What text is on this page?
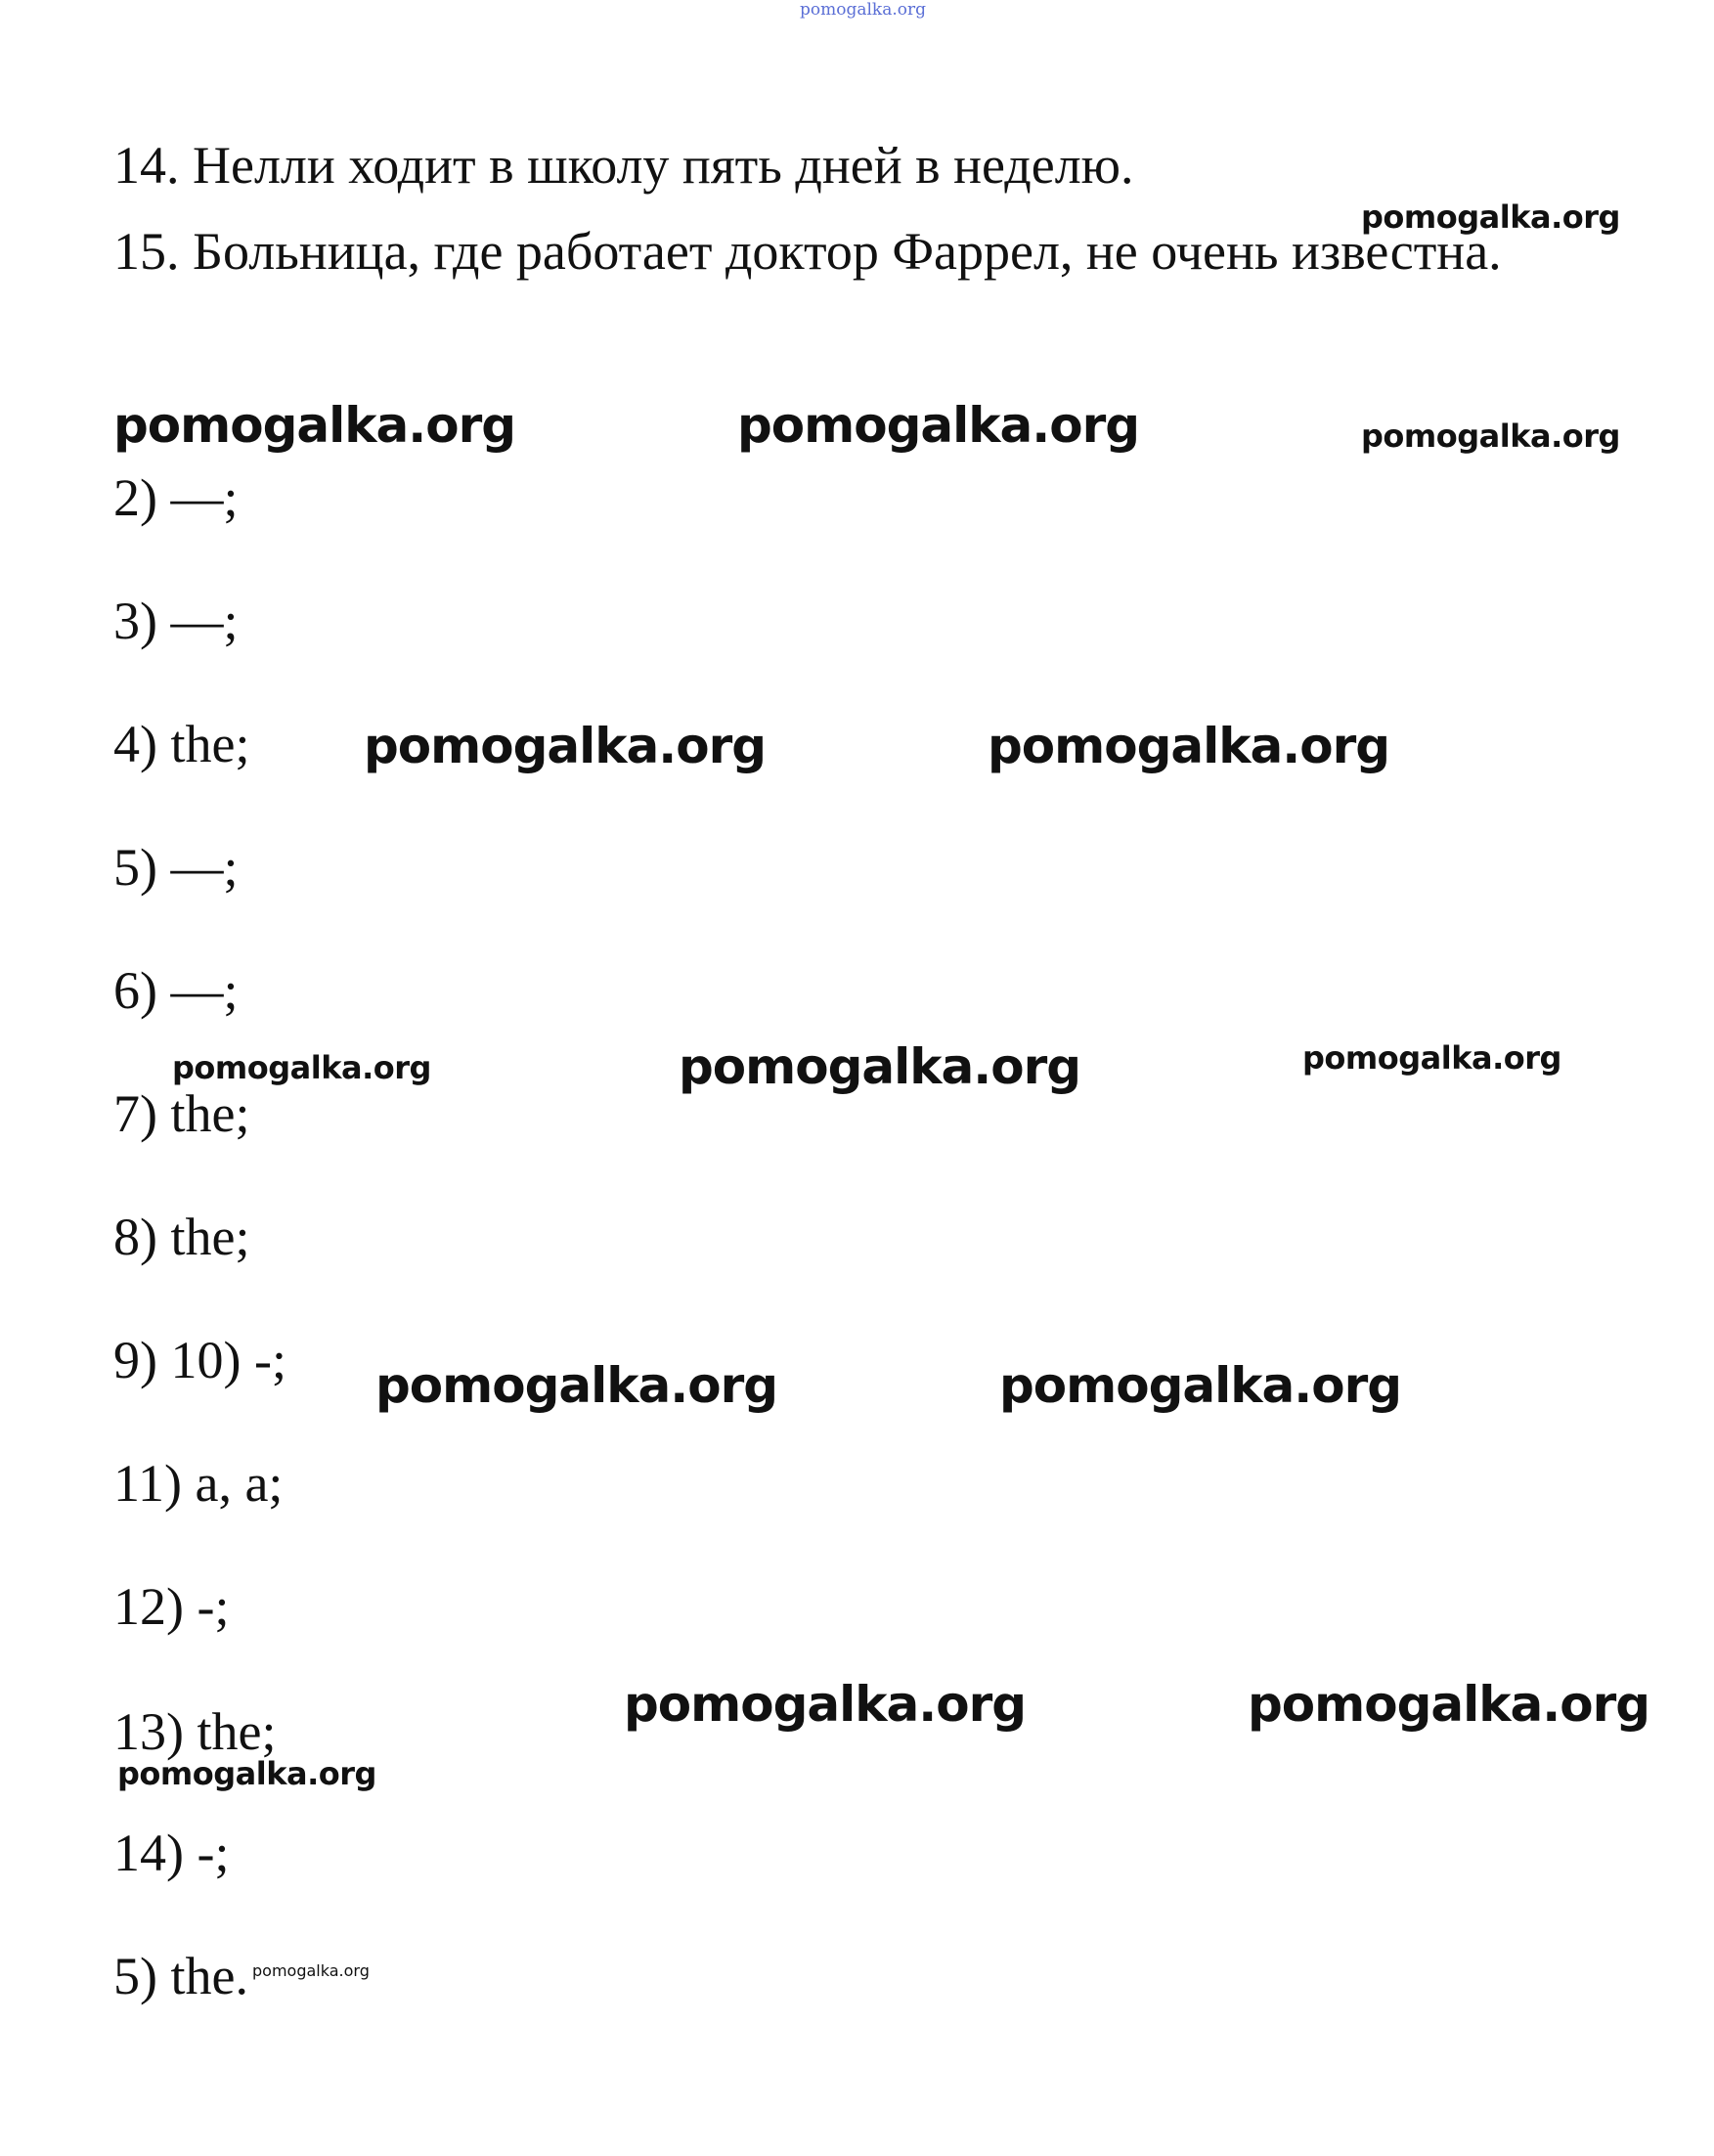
pomogalka.org
14. Нелли ходит в школу пять дней в неделю.
15. Больница, где работает доктор Фаррел, не очень известна.
2) —;
3) —;
4) the;
5) —;
6) —;
7) the;
8) the;
9) 10) -;
11) a, a;
12) -;
13) the;
14) -;
5) the.
pomogalka.org
pomogalka.org	pomogalka.org	pomogalka.org
pomogalka.org	pomogalka.org
pomogalka.org	pomogalka.org	pomogalka.org
pomogalka.org	pomogalka.org
pomogalka.org	pomogalka.org
pomogalka.org
pomogalka.org
